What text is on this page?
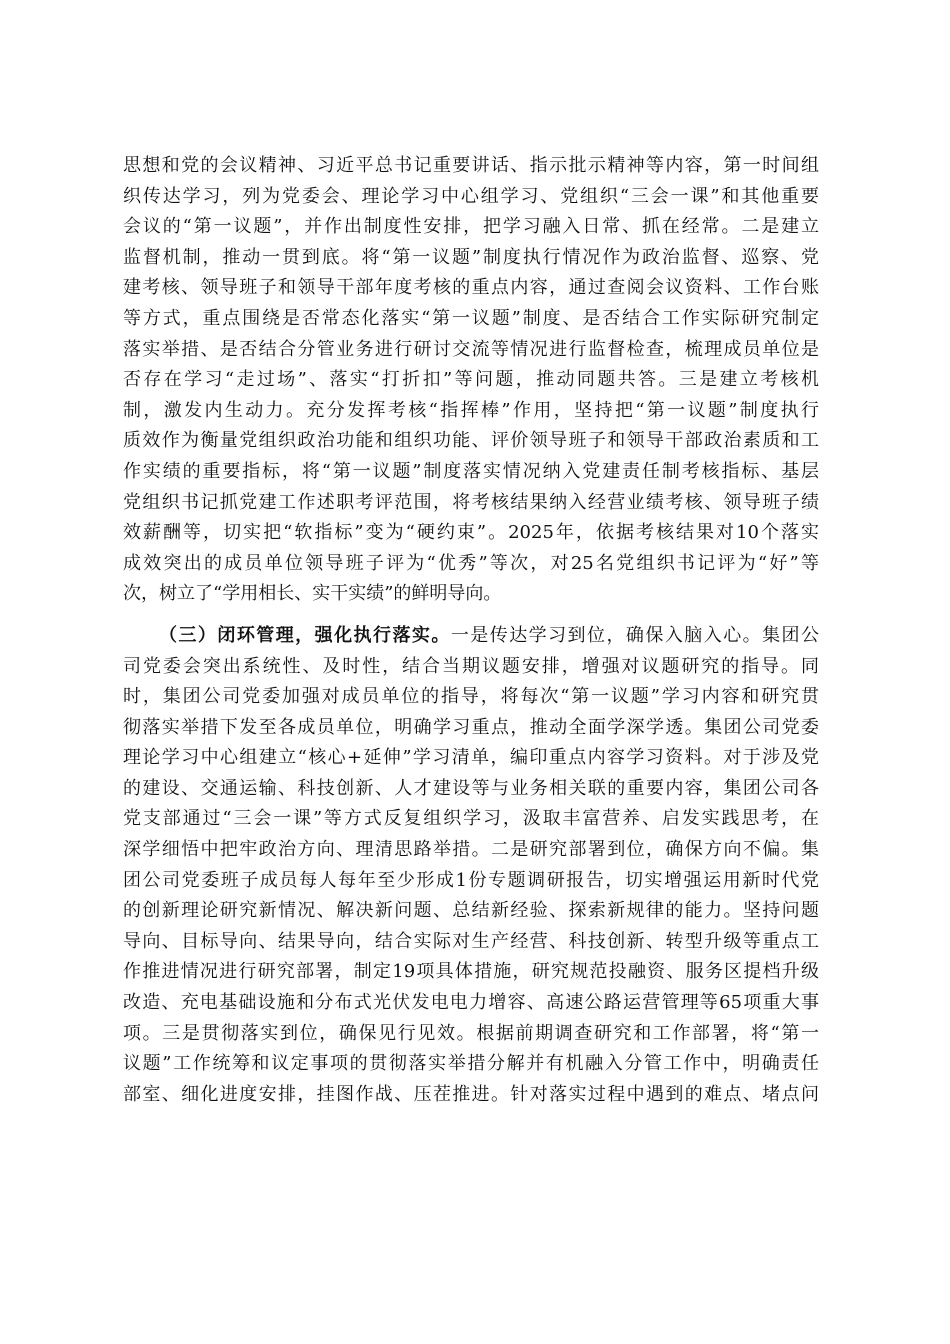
思想和党的会议精神、习近平总书记重要讲话、指示批示精神等内容，第一时间组
织传达学习，列为党委会、理论学习中心组学习、党组织“三会一课”和其他重要
会议的“第一议题”，并作出制度性安排，把学习融入日常、抓在经常。二是建立
监督机制，推动一贯到底。将“第一议题”制度执行情况作为政治监督、巡察、党
建考核、领导班子和领导干部年度考核的重点内容，通过查阅会议资料、工作台账
等方式，重点围绕是否常态化落实“第一议题”制度、是否结合工作实际研究制定
落实举措、是否结合分管业务进行研讨交流等情况进行监督检查，梳理成员单位是
否存在学习“走过场”、落实“打折扣”等问题，推动同题共答。三是建立考核机
制，激发内生动力。充分发挥考核“指挥棒”作用，坚持把“第一议题”制度执行
质效作为衡量党组织政治功能和组织功能、评价领导班子和领导干部政治素质和工
作实绩的重要指标，将“第一议题”制度落实情况纳入党建责任制考核指标、基层
党组织书记抓党建工作述职考评范围，将考核结果纳入经营业绩考核、领导班子绩
效薪酬等，切实把“软指标”变为“硬约束”。2025年，依据考核结果对10个落实
成效突出的成员单位领导班子评为“优秀”等次，对25名党组织书记评为“好”等
次，树立了“学用相长、实干实绩”的鲜明导向。
（三）闭环管理，强化执行落实。一是传达学习到位，确保入脑入心。集团公
司党委会突出系统性、及时性，结合当期议题安排，增强对议题研究的指导。同
时，集团公司党委加强对成员单位的指导，将每次“第一议题”学习内容和研究贯
彻落实举措下发至各成员单位，明确学习重点，推动全面学深学透。集团公司党委
理论学习中心组建立“核心+延伸”学习清单，编印重点内容学习资料。对于涉及党
的建设、交通运输、科技创新、人才建设等与业务相关联的重要内容，集团公司各
党支部通过“三会一课”等方式反复组织学习，汲取丰富营养、启发实践思考，在
深学细悟中把牢政治方向、理清思路举措。二是研究部署到位，确保方向不偏。集
团公司党委班子成员每人每年至少形成1份专题调研报告，切实增强运用新时代党
的创新理论研究新情况、解决新问题、总结新经验、探索新规律的能力。坚持问题
导向、目标导向、结果导向，结合实际对生产经营、科技创新、转型升级等重点工
作推进情况进行研究部署，制定19项具体措施，研究规范投融资、服务区提档升级
改造、充电基础设施和分布式光伏发电电力增容、高速公路运营管理等65项重大事
项。三是贯彻落实到位，确保见行见效。根据前期调查研究和工作部署，将“第一
议题”工作统筹和议定事项的贯彻落实举措分解并有机融入分管工作中，明确责任
部室、细化进度安排，挂图作战、压茬推进。针对落实过程中遇到的难点、堵点问
